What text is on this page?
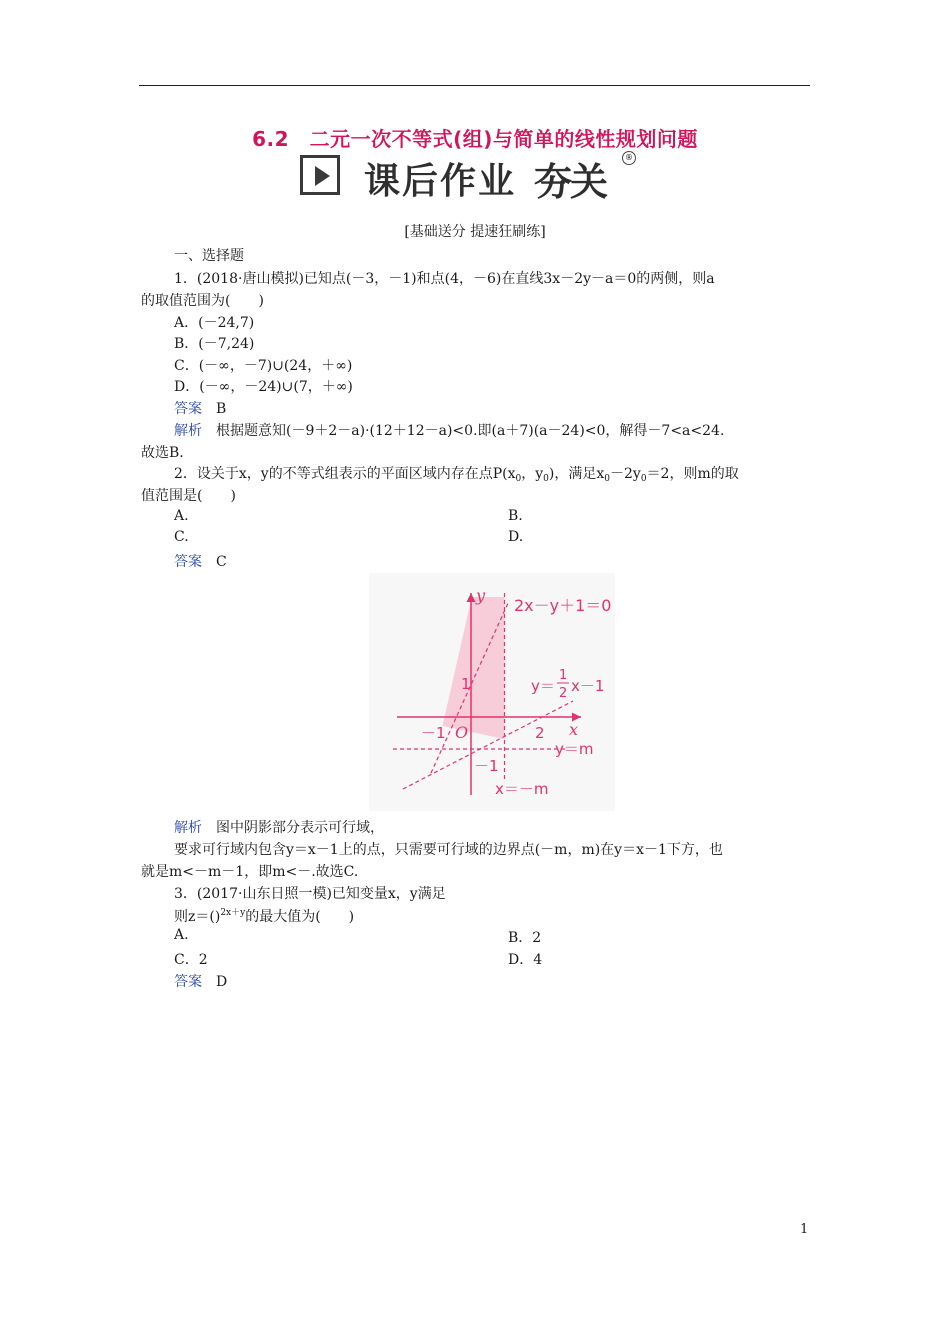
6.2　二元一次不等式(组)与简单的线性规划问题
课后作业 夯关
®
[基础送分 提速狂刷练]
一、选择题
1．(2018·唐山模拟)已知点(－3，－1)和点(4，－6)在直线3x－2y－a＝0的两侧，则a
的取值范围为(　　)
A．(－24,7)
B．(－7,24)
C．(－∞，－7)∪(24，＋∞)
D．(－∞，－24)∪(7，＋∞)
答案　 B
解析　 根据题意知(－9＋2－a)·(12＋12－a)<0.即(a＋7)(a－24)<0，解得－7<a<24.
故选B.
2．设关于x，y的不等式组表示的平面区域内存在点$P(x_0$，$y_0$)，满足$x_0-2y_0=2$，则m的取
值范围是(　　)
A.	B.
C.	D.
答案　 C
y
x
2x－y＋1＝0
y＝
1
2 x－1
y＝m
x＝－m
O
－1	2
1
－1
解析　 图中阴影部分表示可行域，
要求可行域内包含y＝x－1上的点，只需要可行域的边界点(－m，m)在y＝x－1下方，也
就是m<－m－1，即m<－.故选C.
3．(2017·山东日照一模)已知变量x，y满足
则z＝()$^{2x+y}$的最大值为(　　)
A.	B．2
C．2	D．4
答案　 D
1
